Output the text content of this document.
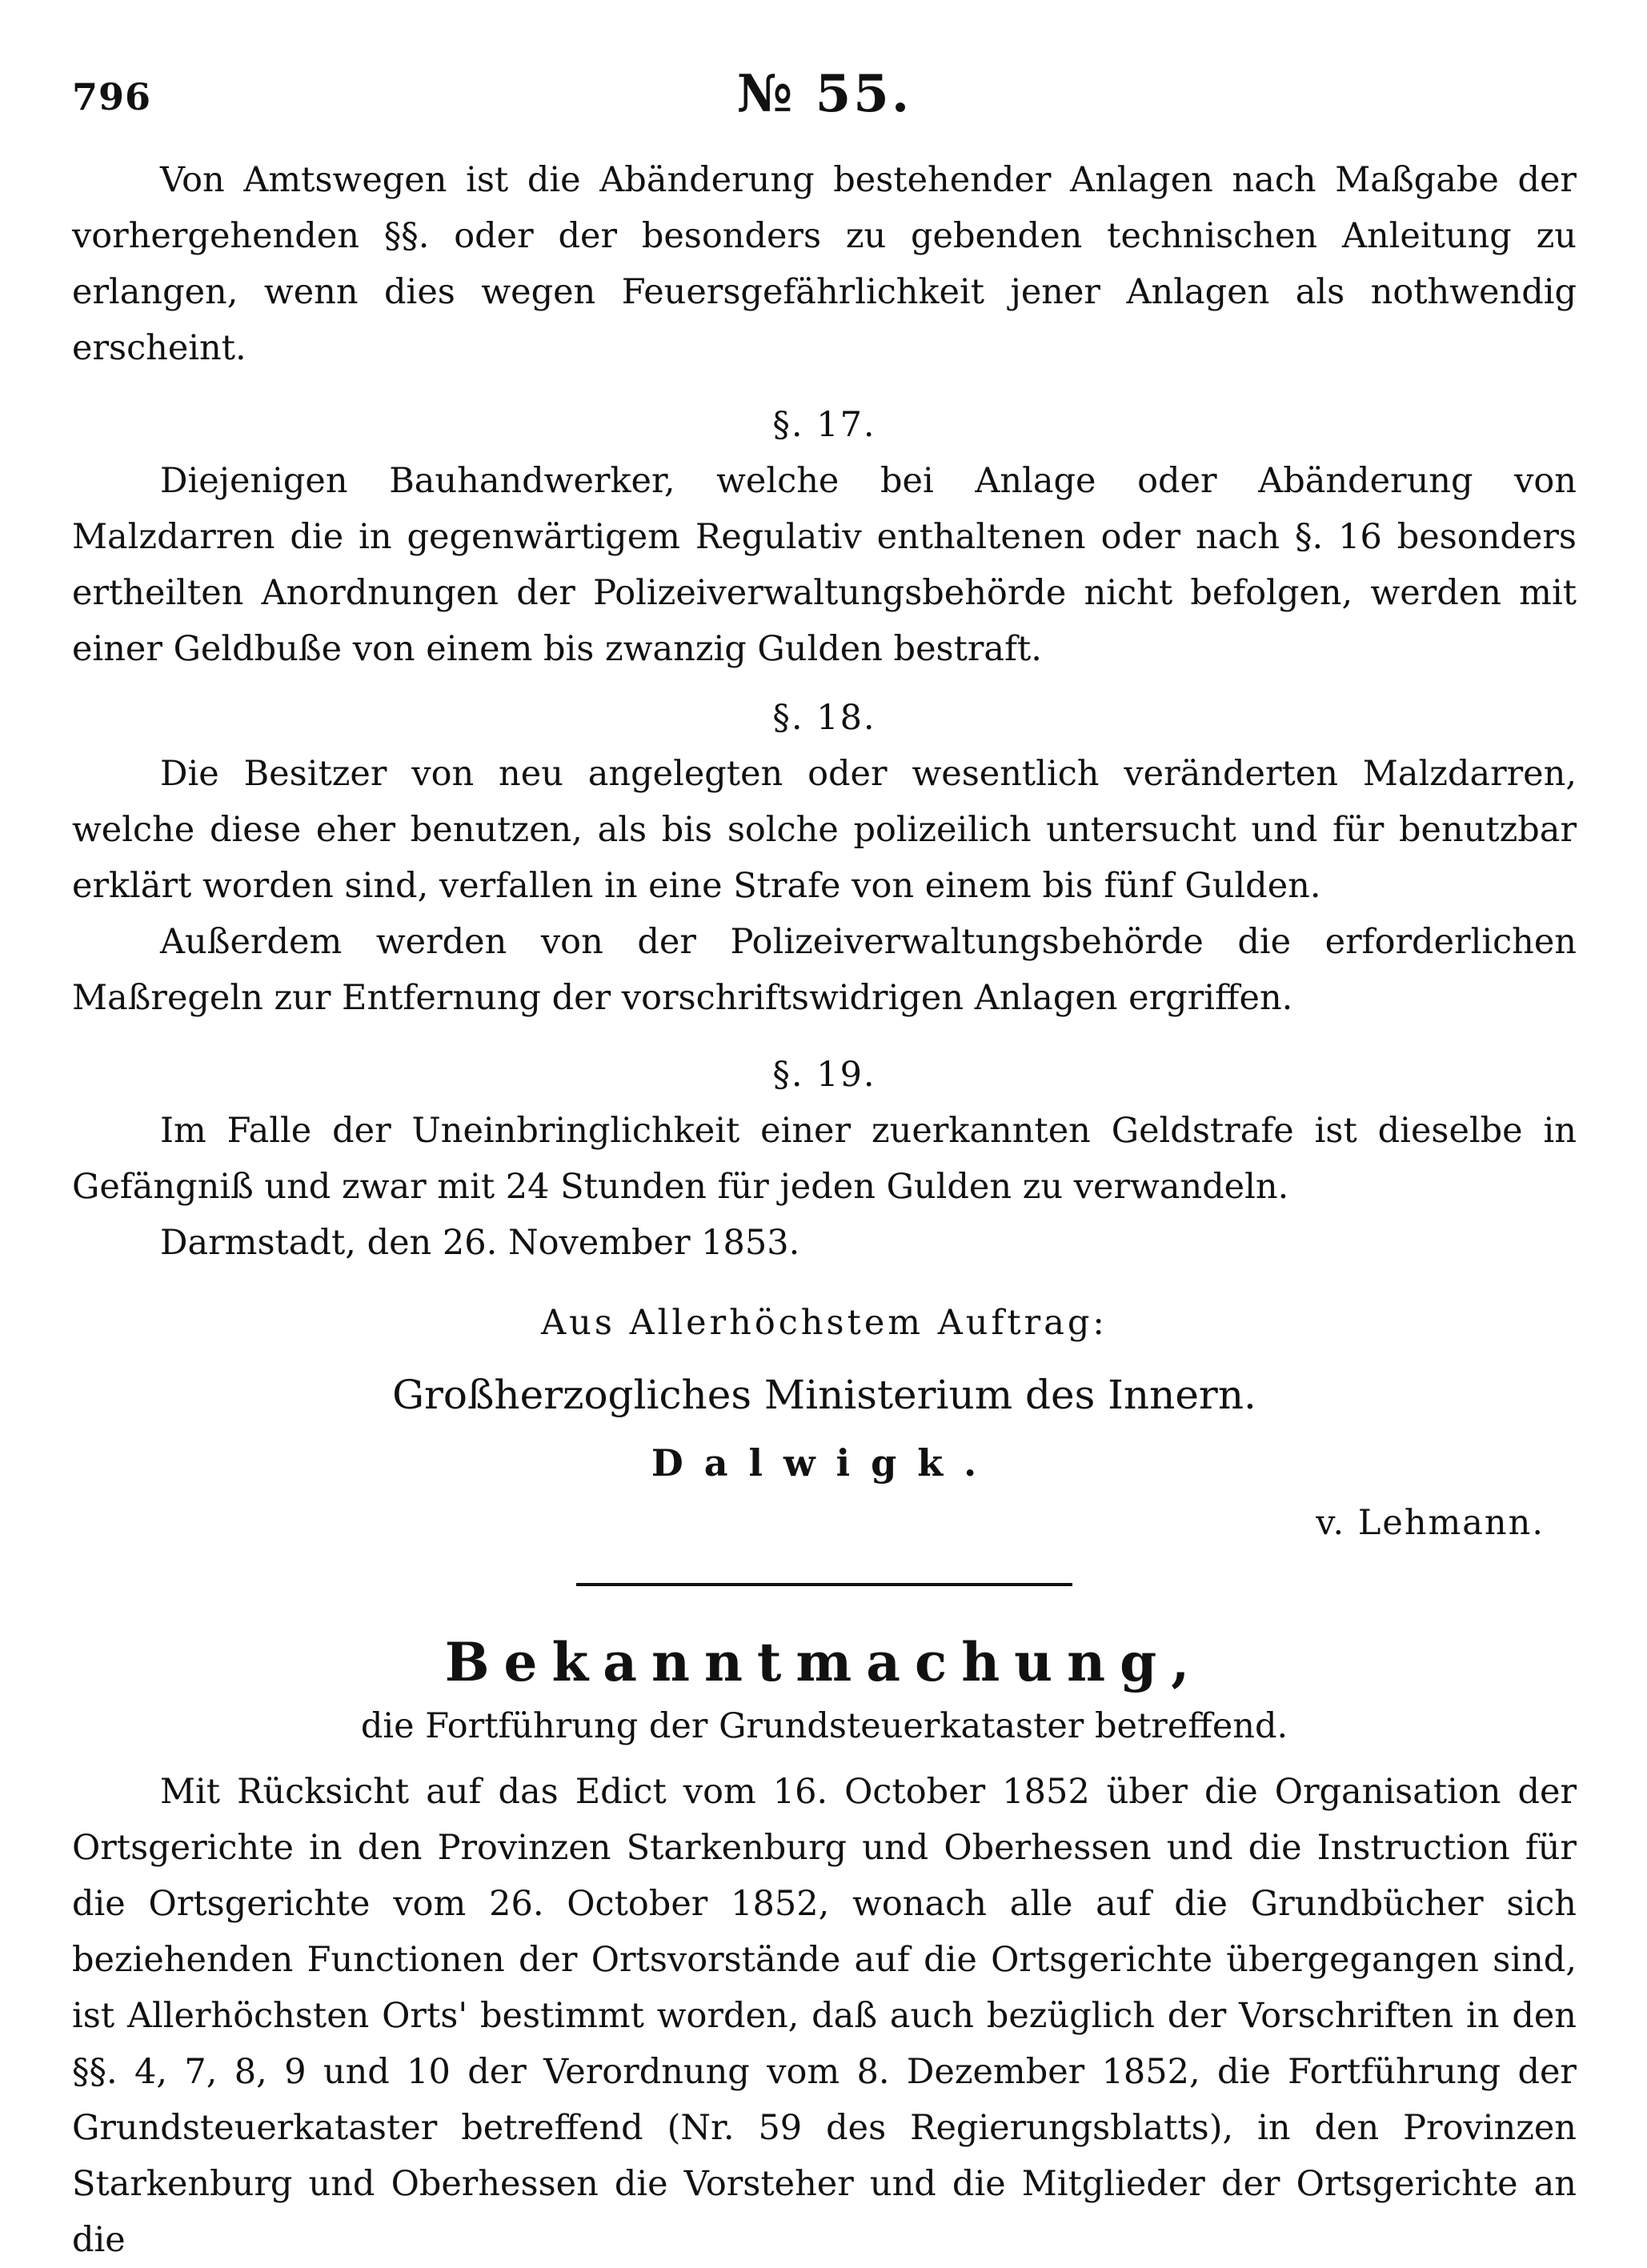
796	№ 55.

Von Amtswegen ist die Abänderung bestehender Anlagen nach Maßgabe der vorhergehenden §§. oder der besonders zu gebenden technischen Anleitung zu erlangen, wenn dies wegen Feuersgefährlichkeit jener Anlagen als nothwendig erscheint.

§. 17.

Diejenigen Bauhandwerker, welche bei Anlage oder Abänderung von Malzdarren die in gegenwärtigem Regulativ enthaltenen oder nach §. 16 besonders ertheilten Anordnungen der Polizeiverwaltungsbehörde nicht befolgen, werden mit einer Geldbuße von einem bis zwanzig Gulden bestraft.

§. 18.

Die Besitzer von neu angelegten oder wesentlich veränderten Malzdarren, welche diese eher benutzen, als bis solche polizeilich untersucht und für benutzbar erklärt worden sind, verfallen in eine Strafe von einem bis fünf Gulden.

Außerdem werden von der Polizeiverwaltungsbehörde die erforderlichen Maßregeln zur Entfernung der vorschriftswidrigen Anlagen ergriffen.

§. 19.

Im Falle der Uneinbringlichkeit einer zuerkannten Geldstrafe ist dieselbe in Gefängniß und zwar mit 24 Stunden für jeden Gulden zu verwandeln.

Darmstadt, den 26. November 1853.

Aus Allerhöchstem Auftrag:
Großherzogliches Ministerium des Innern.
Dalwigk.
v. Lehmann.
Bekanntmachung,
die Fortführung der Grundsteuerkataster betreffend.

Mit Rücksicht auf das Edict vom 16. October 1852 über die Organisation der Ortsgerichte in den Provinzen Starkenburg und Oberhessen und die Instruction für die Ortsgerichte vom 26. October 1852, wonach alle auf die Grundbücher sich beziehenden Functionen der Ortsvorstände auf die Ortsgerichte übergegangen sind, ist Allerhöchsten Orts' bestimmt worden, daß auch bezüglich der Vorschriften in den §§. 4, 7, 8, 9 und 10 der Verordnung vom 8. Dezember 1852, die Fortführung der Grundsteuerkataster betreffend (Nr. 59 des Regierungsblatts), in den Provinzen Starkenburg und Oberhessen die Vorsteher und die Mitglieder der Ortsgerichte an die
